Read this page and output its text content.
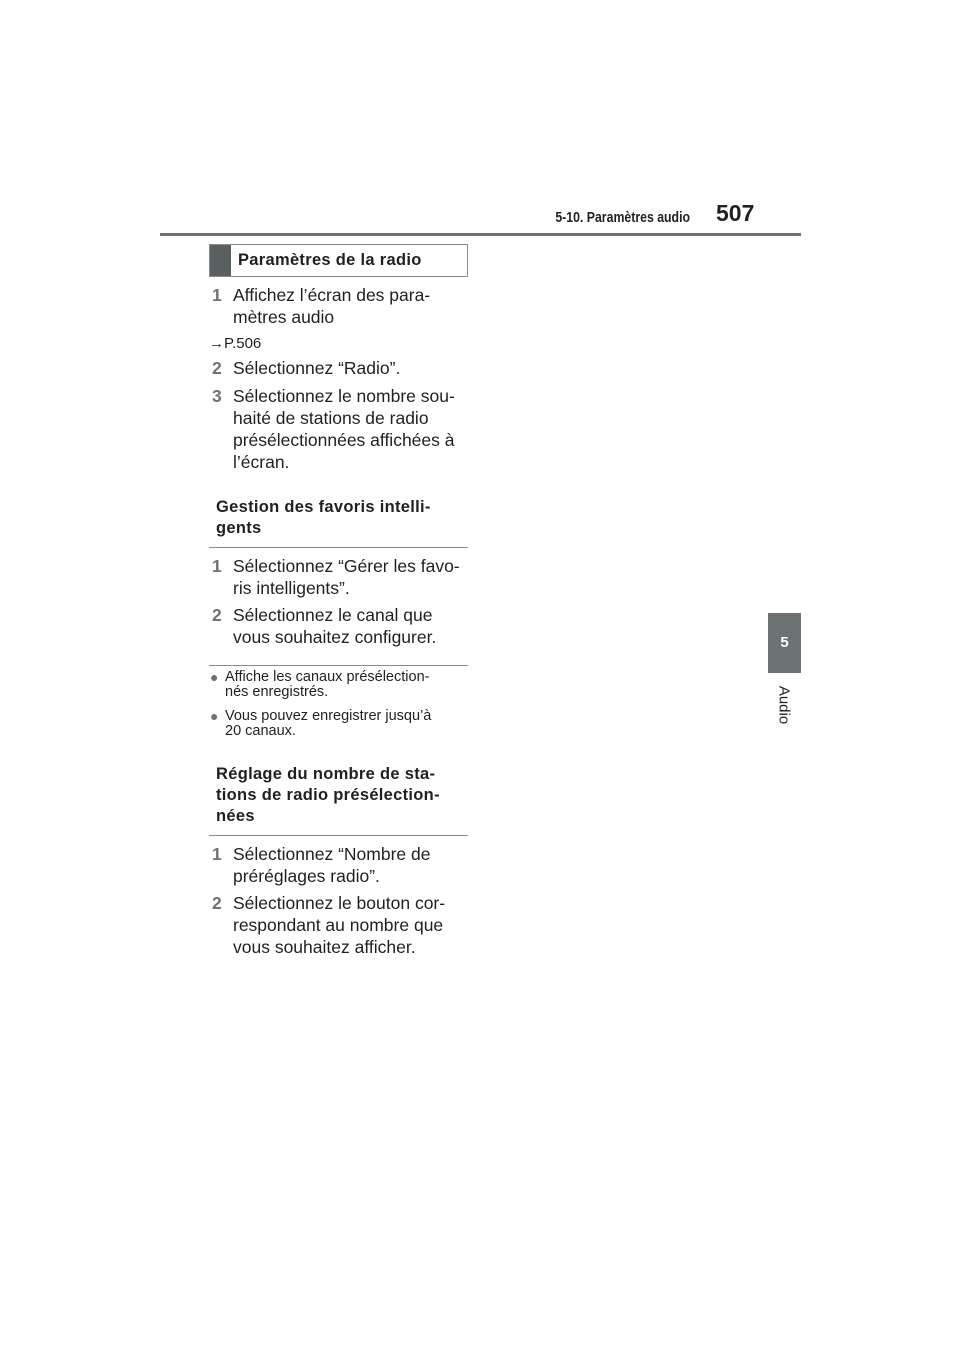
5-10. Paramètres audio 507
5
Audio
Paramètres de la radio
1 Affichez l’écran des para-
mètres audio
→P.506
2 Sélectionnez “Radio”.
3 Sélectionnez le nombre sou-
haité de stations de radio
présélectionnées affichées à
l’écran.
Gestion des favoris intelli-
gents
1 Sélectionnez “Gérer les favo-
ris intelligents”.
2 Sélectionnez le canal que
vous souhaitez configurer.
● Affiche les canaux présélection-
nés enregistrés.
● Vous pouvez enregistrer jusqu’à
20 canaux.
Réglage du nombre de sta-
tions de radio présélection-
nées
1 Sélectionnez “Nombre de
préréglages radio”.
2 Sélectionnez le bouton cor-
respondant au nombre que
vous souhaitez afficher.
